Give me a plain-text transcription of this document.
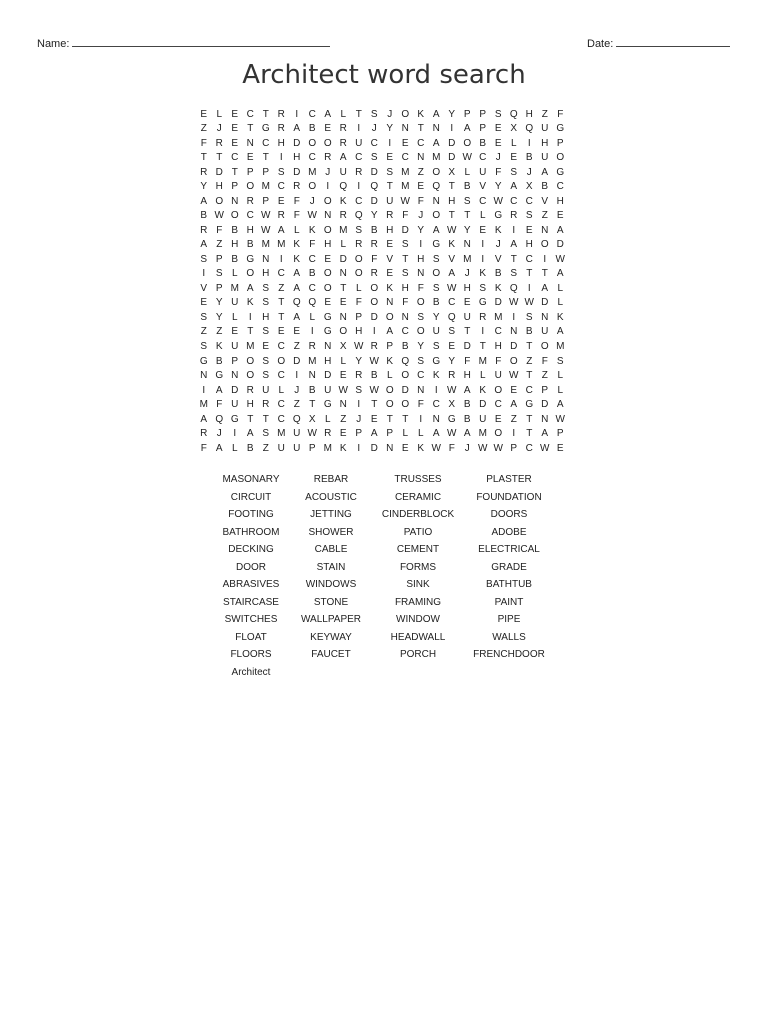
Name:	Date:
Architect word search
E L E C T R	I	C A L T S J O K A Y P P S Q H Z F
Z J E T G R A B E R	I	J Y N T N	I	A P E X Q U G
F R E N C H D O O R U C	I	E C A D O B E L	I	H P
T T C E T	I	H C R A C S E C N M D W C J E B U O
R D T P P S D M J U R D S M Z O X L U F S J A G
Y H P O M C R O	I	Q	I	Q T M E Q T B V Y A X B C
A O N R P E F J O K C D U W F N H S C W C C V H
B W O C W R F W N R Q Y R F J O T T L G R S Z E
R F B H W A L K O M S B H D Y A W Y E K	I	E N A
A Z H B M M K F H L R R E S	I	G K N	I	J A H O D
S P B G N	I	K C E D O F V T H S V M I	V T C	I W
I	S L O H C A B O N O R E S N O A J K B S T T A
V P M A S Z A C O T L O K H F S W H S K Q	I	A L
E Y U K S T Q Q E E F O N F O B C E G D W W D L
S Y L	I	H T A L G N P D O N S Y Q U R M I	S N K
Z Z E T S E E	I	G O H	I	A C O U S T	I	C N B U A
S K U M E C Z R N X W R P B Y S E D T H D T O M
G B P O S O D M H L Y W K Q S G Y F M F O Z F S
N G N O S C	I	N D E R B L O C K R H L U W T Z L
I	A D R U L	J B U W S W O D N	I W A K O E C P L
M F U H R C Z T G N	I	T O O F C X B D C A G D A
A Q G T T C Q X L Z J E T T	I	N G B U E Z T N W
R J	I	A S M U W R E P A P L L A W A M O	I	T A P
F A L B Z U U P M K	I	D N E K W F J W W P C W E
MASONARY	REBAR	TRUSSES	PLASTER
CIRCUIT	ACOUSTIC	CERAMIC	FOUNDATION
FOOTING	JETTING	CINDERBLOCK	DOORS
BATHROOM	SHOWER	PATIO	ADOBE
DECKING	CABLE	CEMENT	ELECTRICAL
DOOR	STAIN	FORMS	GRADE
ABRASIVES	WINDOWS	SINK	BATHTUB
STAIRCASE	STONE	FRAMING	PAINT
SWITCHES	WALLPAPER	WINDOW	PIPE
FLOAT	KEYWAY	HEADWALL	WALLS
FLOORS	FAUCET	PORCH	FRENCHDOOR
Architect
